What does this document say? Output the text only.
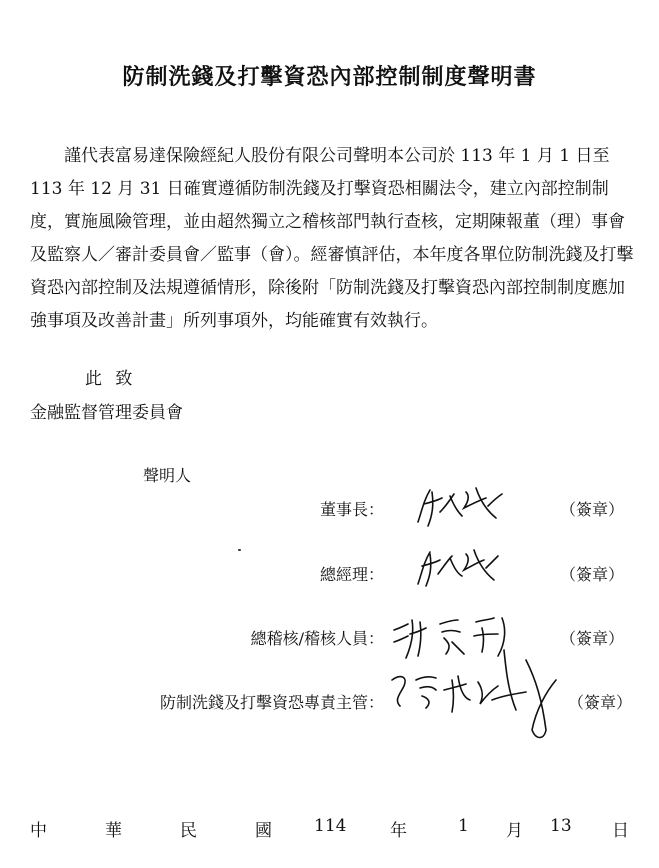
防制洗錢及打擊資恐內部控制制度聲明書

謹代表富易達保險經紀人股份有限公司聲明本公司於 113 年 1 月 1 日至 113 年 12 月 31 日確實遵循防制洗錢及打擊資恐相關法令，建立內部控制制度，實施風險管理，並由超然獨立之稽核部門執行查核，定期陳報董（理）事會及監察人／審計委員會／監事（會）。經審慎評估，本年度各單位防制洗錢及打擊資恐內部控制及法規遵循情形，除後附「防制洗錢及打擊資恐內部控制制度應加強事項及改善計畫」所列事項外，均能確實有效執行。

此 致
金融監督管理委員會
聲明人
董事長：	（簽章）
總經理：	（簽章）
總稽核/稽核人員：	（簽章）
防制洗錢及打擊資恐專責主管：	（簽章）
中	華	民	國 114	年	1 月 13 日
